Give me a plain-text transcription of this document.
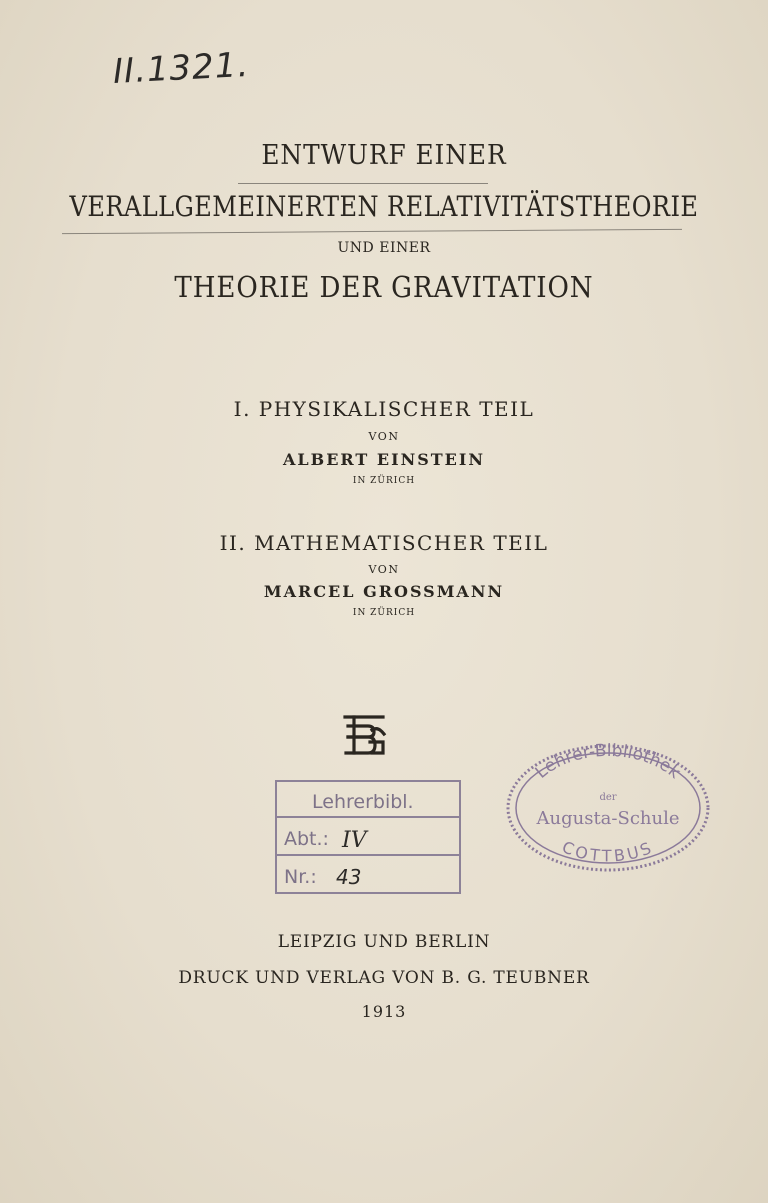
II.1321.
ENTWURF EINER
VERALLGEMEINERTEN RELATIVITÄTSTHEORIE
UND EINER
THEORIE DER GRAVITATION
I. PHYSIKALISCHER TEIL
VON
ALBERT EINSTEIN
IN ZÜRICH
II. MATHEMATISCHER TEIL
VON
MARCEL GROSSMANN
IN ZÜRICH
Lehrerbibl.
Abt.: IV
Nr.: 43
Lehrer-Bibliothek
der
Augusta-Schule
COTTBUS
LEIPZIG UND BERLIN
DRUCK UND VERLAG VON B. G. TEUBNER
1913
